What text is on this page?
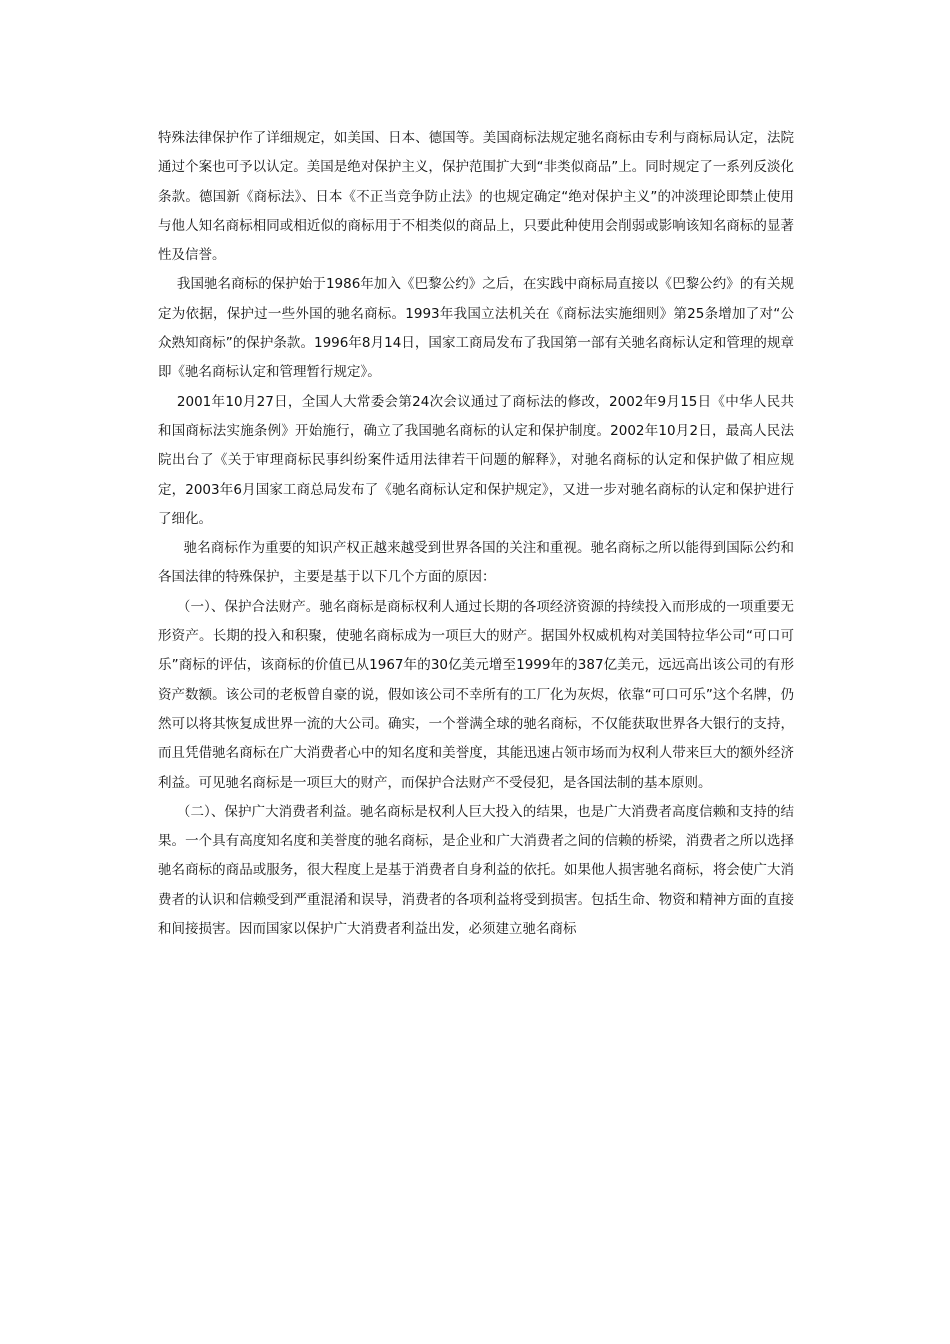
特殊法律保护作了详细规定，如美国、日本、德国等。美国商标法规定驰名商标由专利与商标局认定，法院通过个案也可予以认定。美国是绝对保护主义，保护范围扩大到“非类似商品”上。同时规定了一系列反淡化条款。德国新《商标法》、日本《不正当竞争防止法》的也规定确定“绝对保护主义”的冲淡理论即禁止使用与他人知名商标相同或相近似的商标用于不相类似的商品上，只要此种使用会削弱或影响该知名商标的显著性及信誉。

我国驰名商标的保护始于1986年加入《巴黎公约》之后，在实践中商标局直接以《巴黎公约》的有关规定为依据，保护过一些外国的驰名商标。1993年我国立法机关在《商标法实施细则》第25条增加了对“公众熟知商标”的保护条款。1996年8月14日，国家工商局发布了我国第一部有关驰名商标认定和管理的规章即《驰名商标认定和管理暂行规定》。

2001年10月27日，全国人大常委会第24次会议通过了商标法的修改，2002年9月15日《中华人民共和国商标法实施条例》开始施行，确立了我国驰名商标的认定和保护制度。2002年10月2日，最高人民法院出台了《关于审理商标民事纠纷案件适用法律若干问题的解释》，对驰名商标的认定和保护做了相应规定，2003年6月国家工商总局发布了《驰名商标认定和保护规定》，又进一步对驰名商标的认定和保护进行了细化。

驰名商标作为重要的知识产权正越来越受到世界各国的关注和重视。驰名商标之所以能得到国际公约和各国法律的特殊保护，主要是基于以下几个方面的原因：

（一）、保护合法财产。驰名商标是商标权利人通过长期的各项经济资源的持续投入而形成的一项重要无形资产。长期的投入和积聚，使驰名商标成为一项巨大的财产。据国外权威机构对美国特拉华公司“可口可乐”商标的评估，该商标的价值已从1967年的30亿美元增至1999年的387亿美元，远远高出该公司的有形资产数额。该公司的老板曾自豪的说，假如该公司不幸所有的工厂化为灰烬，依靠“可口可乐”这个名牌，仍然可以将其恢复成世界一流的大公司。确实，一个誉满全球的驰名商标，不仅能获取世界各大银行的支持，而且凭借驰名商标在广大消费者心中的知名度和美誉度，其能迅速占领市场而为权利人带来巨大的额外经济利益。可见驰名商标是一项巨大的财产，而保护合法财产不受侵犯，是各国法制的基本原则。

（二）、保护广大消费者利益。驰名商标是权利人巨大投入的结果，也是广大消费者高度信赖和支持的结果。一个具有高度知名度和美誉度的驰名商标，是企业和广大消费者之间的信赖的桥梁，消费者之所以选择驰名商标的商品或服务，很大程度上是基于消费者自身利益的依托。如果他人损害驰名商标，将会使广大消费者的认识和信赖受到严重混淆和误导，消费者的各项利益将受到损害。包括生命、物资和精神方面的直接和间接损害。因而国家以保护广大消费者利益出发，必须建立驰名商标
